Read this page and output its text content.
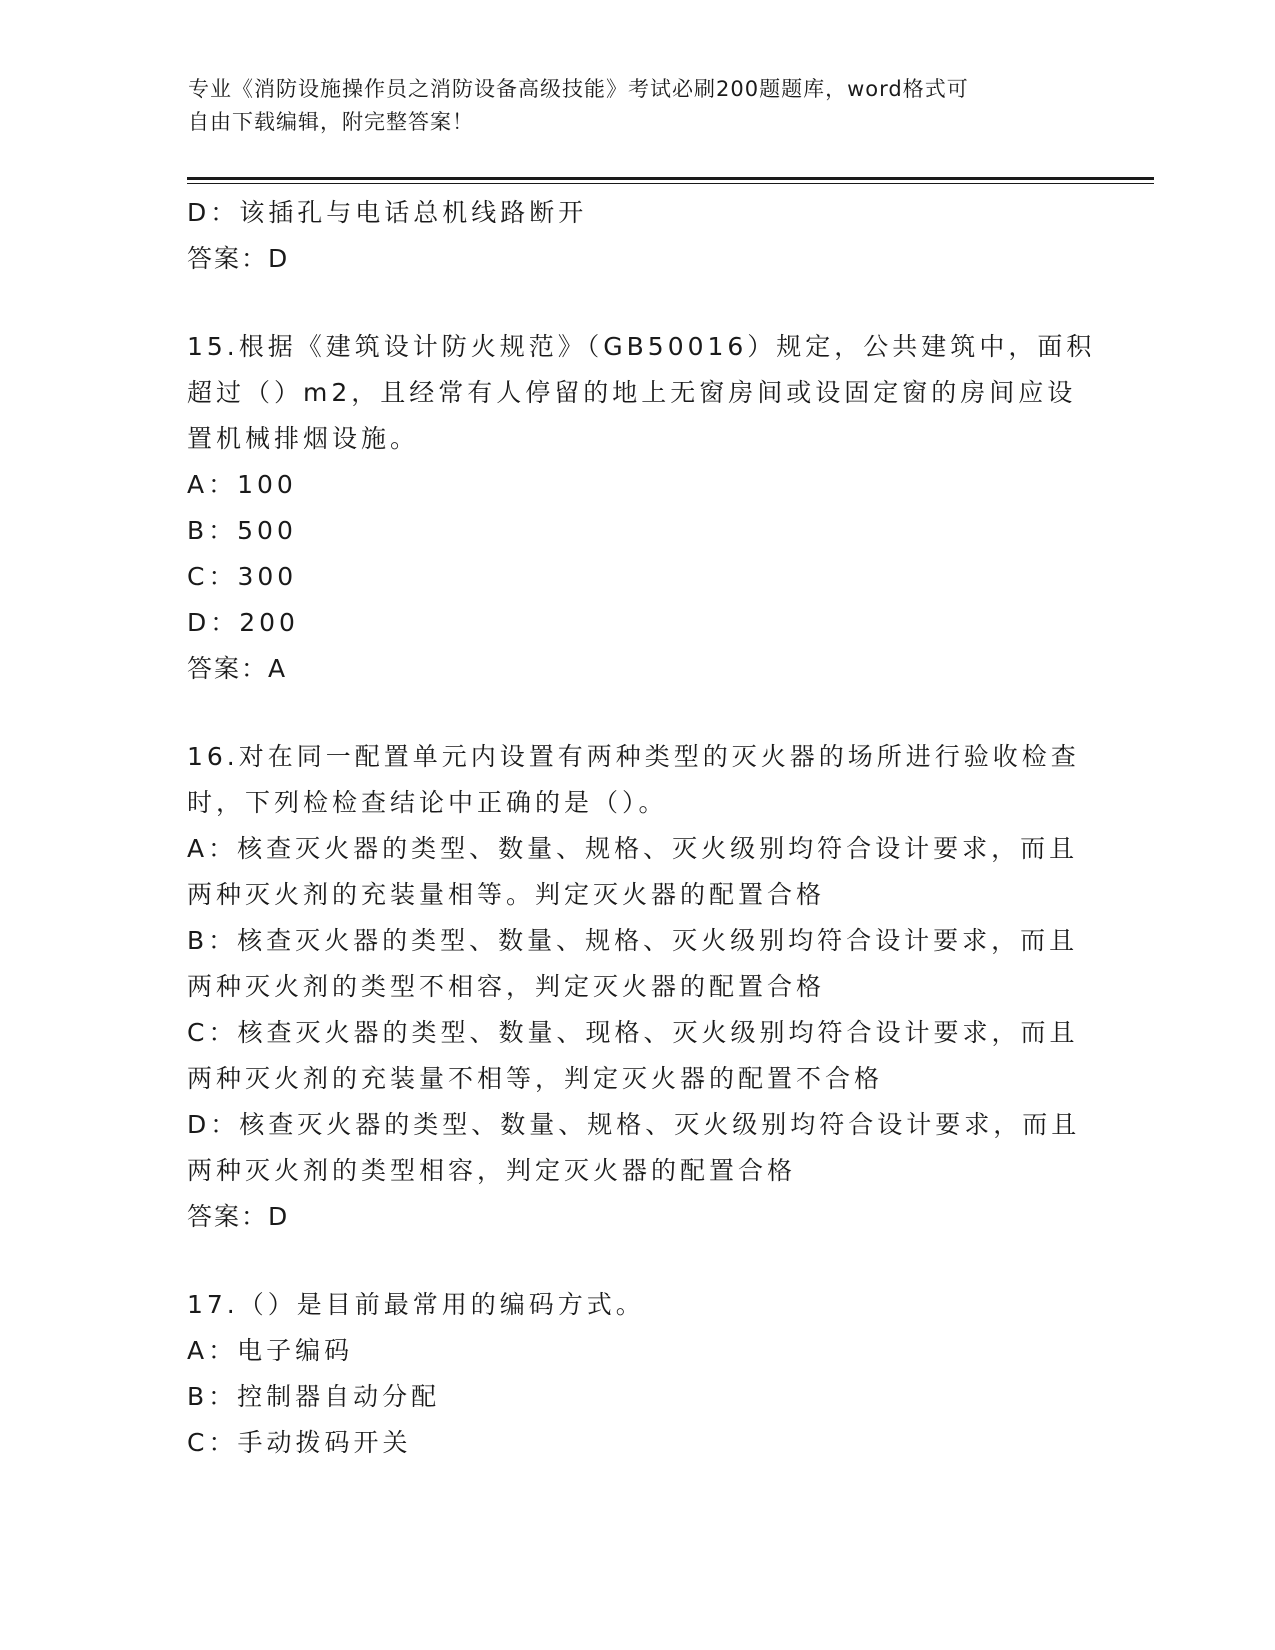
专业《消防设施操作员之消防设备高级技能》考试必刷200题题库，word格式可
自由下载编辑，附完整答案！
D：该插孔与电话总机线路断开
答案：D
15.根据《建筑设计防火规范》（GB50016）规定，公共建筑中，面积
超过（）m2，且经常有人停留的地上无窗房间或设固定窗的房间应设
置机械排烟设施。
A：100
B：500
C：300
D：200
答案：A
16.对在同一配置单元内设置有两种类型的灭火器的场所进行验收检查
时，下列检检查结论中正确的是（）。
A：核查灭火器的类型、数量、规格、灭火级别均符合设计要求，而且
两种灭火剂的充装量相等。判定灭火器的配置合格
B：核查灭火器的类型、数量、规格、灭火级别均符合设计要求，而且
两种灭火剂的类型不相容，判定灭火器的配置合格
C：核查灭火器的类型、数量、现格、灭火级别均符合设计要求，而且
两种灭火剂的充装量不相等，判定灭火器的配置不合格
D：核查灭火器的类型、数量、规格、灭火级别均符合设计要求，而且
两种灭火剂的类型相容，判定灭火器的配置合格
答案：D
17.（）是目前最常用的编码方式。
A：电子编码
B：控制器自动分配
C：手动拨码开关
